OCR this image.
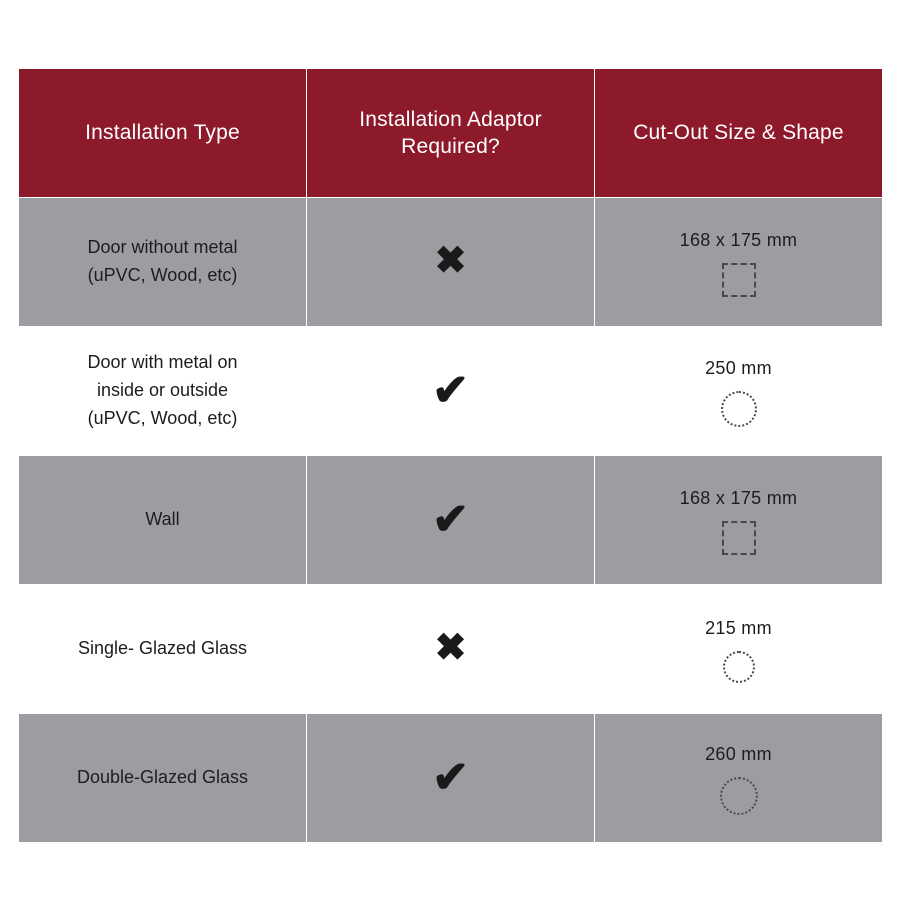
Installation Type	Installation Adaptor Required?	Cut-Out Size & Shape

Door without metal
(uPVC, Wood, etc)	✖	168 x 175 mm

Door with metal on
inside or outside
(uPVC, Wood, etc)	✔	250 mm

Wall	✔	168 x 175 mm

Single- Glazed Glass	✖	215 mm

Double-Glazed Glass	✔	260 mm
